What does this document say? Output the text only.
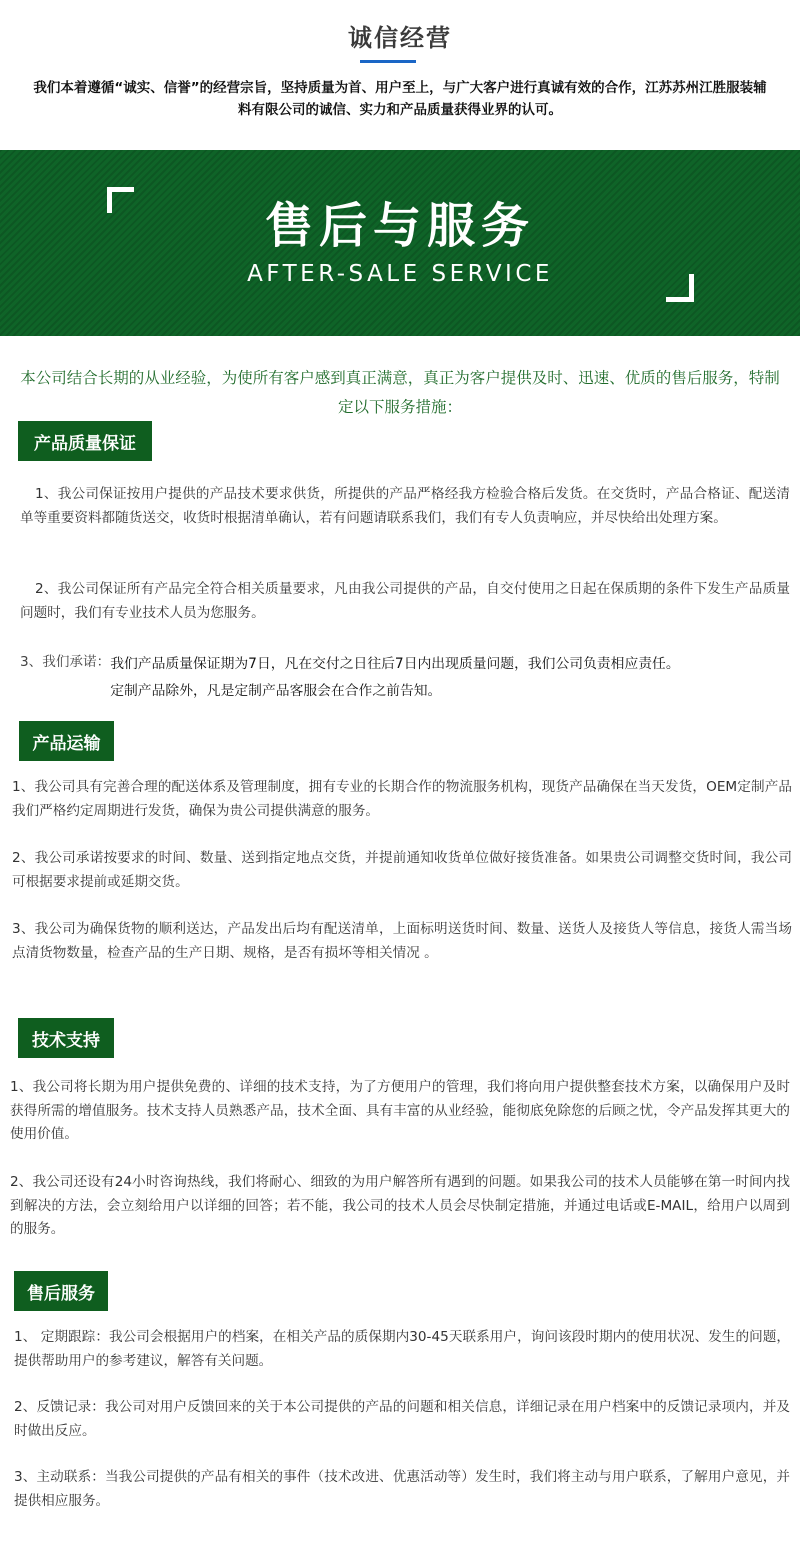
诚信经营
我们本着遵循“诚实、信誉”的经营宗旨，坚持质量为首、用户至上，与广大客户进行真诚有效的合作，江苏苏州江胜服装辅料有限公司的诚信、实力和产品质量获得业界的认可。
售后与服务
AFTER-SALE SERVICE
本公司结合长期的从业经验，为使所有客户感到真正满意，真正为客户提供及时、迅速、优质的售后服务，特制定以下服务措施：
产品质量保证

1、我公司保证按用户提供的产品技术要求供货，所提供的产品严格经我方检验合格后发货。在交货时，产品合格证、配送清单等重要资料都随货送交，收货时根据清单确认，若有问题请联系我们，我们有专人负责响应，并尽快给出处理方案。

2、我公司保证所有产品完全符合相关质量要求，凡由我公司提供的产品，自交付使用之日起在保质期的条件下发生产品质量问题时，我们有专业技术人员为您服务。

3、我们承诺： 我们产品质量保证期为7日，凡在交付之日往后7日内出现质量问题，我们公司负责相应责任。
定制产品除外，凡是定制产品客服会在合作之前告知。
产品运输

1、我公司具有完善合理的配送体系及管理制度，拥有专业的长期合作的物流服务机构，现货产品确保在当天发货，OEM定制产品我们严格约定周期进行发货，确保为贵公司提供满意的服务。

2、我公司承诺按要求的时间、数量、送到指定地点交货，并提前通知收货单位做好接货准备。如果贵公司调整交货时间，我公司可根据要求提前或延期交货。

3、我公司为确保货物的顺利送达，产品发出后均有配送清单，上面标明送货时间、数量、送货人及接货人等信息，接货人需当场点清货物数量，检查产品的生产日期、规格，是否有损坏等相关情况 。

技术支持

1、我公司将长期为用户提供免费的、详细的技术支持，为了方便用户的管理，我们将向用户提供整套技术方案，以确保用户及时获得所需的增值服务。技术支持人员熟悉产品，技术全面、具有丰富的从业经验，能彻底免除您的后顾之忧，令产品发挥其更大的使用价值。

2、我公司还设有24小时咨询热线，我们将耐心、细致的为用户解答所有遇到的问题。如果我公司的技术人员能够在第一时间内找到解决的方法，会立刻给用户以详细的回答；若不能，我公司的技术人员会尽快制定措施，并通过电话或E-MAIL，给用户以周到的服务。

售后服务

1、 定期跟踪：我公司会根据用户的档案，在相关产品的质保期内30-45天联系用户，询问该段时期内的使用状况、发生的问题，提供帮助用户的参考建议，解答有关问题。

2、反馈记录：我公司对用户反馈回来的关于本公司提供的产品的问题和相关信息，详细记录在用户档案中的反馈记录项内，并及时做出反应。

3、主动联系：当我公司提供的产品有相关的事件（技术改进、优惠活动等）发生时，我们将主动与用户联系，了解用户意见，并提供相应服务。
